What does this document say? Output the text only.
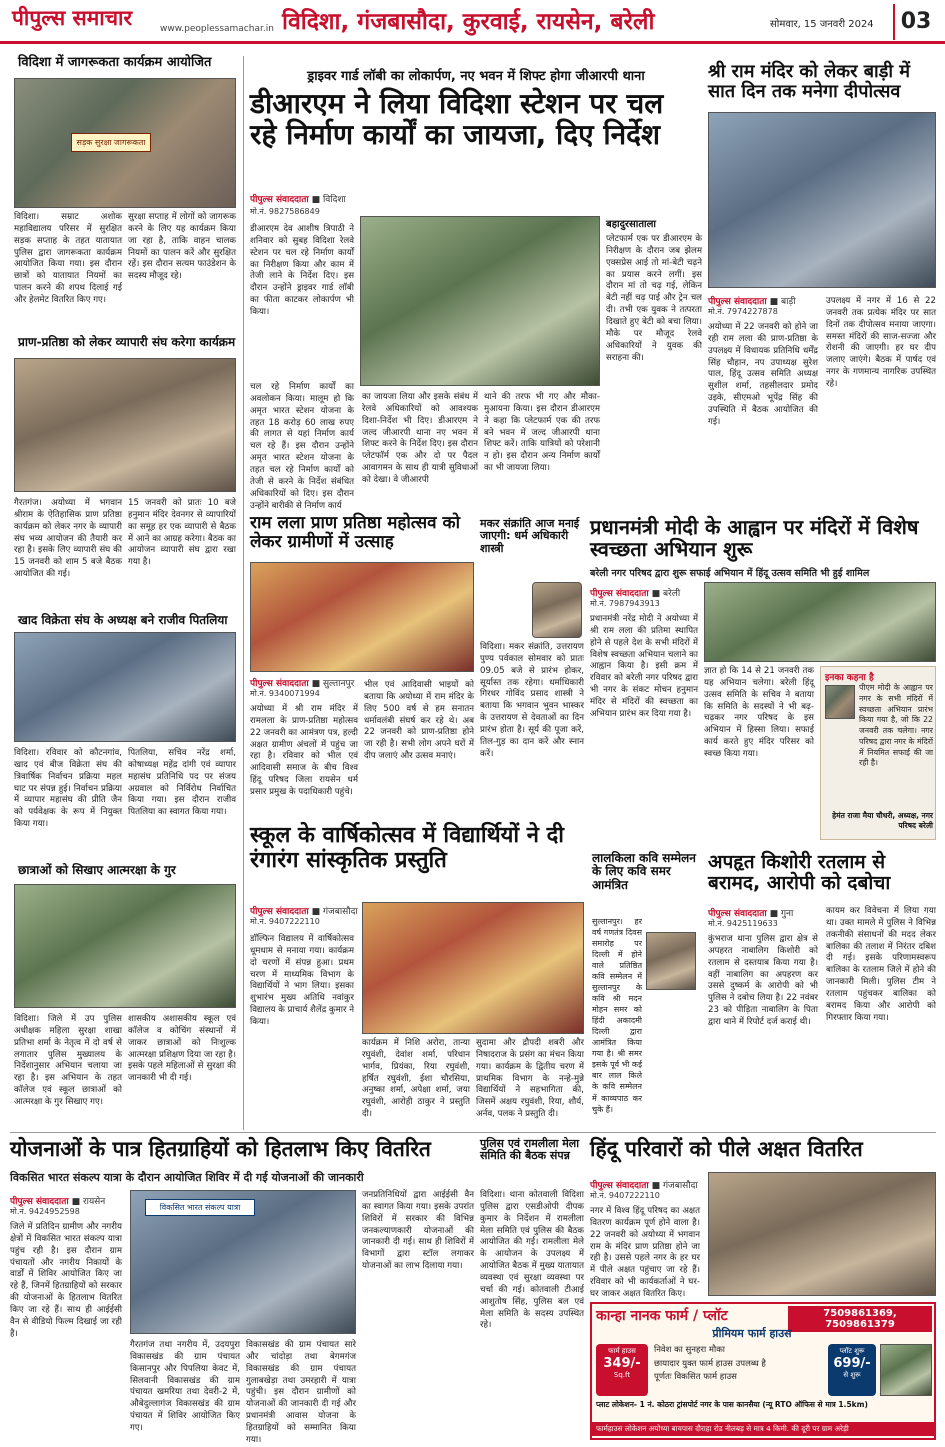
पीपुल्स समाचार	www.peoplessamachar.in विदिशा, गंजबासौदा, कुरवाई, रायसेन, बरेली	सोमवार, 15 जनवरी 2024	03
विदिशा में जागरूकता कार्यक्रम आयोजित
सड़क सुरक्षा जागरूकता
विदिशा। सम्राट अशोक महाविद्यालय परिसर में सुरक्षित सड़क सप्ताह के तहत यातायात पुलिस द्वारा जागरूकता कार्यक्रम आयोजित किया गया। इस दौरान छात्रों को यातायात नियमों का पालन करने की शपथ दिलाई गई और हेलमेट वितरित किए गए।
सुरक्षा सप्ताह में लोगों को जागरूक करने के लिए यह कार्यक्रम किया जा रहा है, ताकि वाहन चालक नियमों का पालन करें और सुरक्षित रहें। इस दौरान सत्यम फाउंडेशन के सदस्य मौजूद रहे।
प्राण-प्रतिष्ठा को लेकर व्यापारी संघ करेगा कार्यक्रम
गैरतगंज। अयोध्या में भगवान श्रीराम के ऐतिहासिक प्राण प्रतिष्ठा कार्यक्रम को लेकर नगर के व्यापारी संघ भव्य आयोजन की तैयारी कर रहा है। इसके लिए व्यापारी संघ की 15 जनवरी को शाम 5 बजे बैठक आयोजित की गई।
15 जनवरी को प्रातः 10 बजे हनुमान मंदिर देवनगर से व्यापारियों का समूह हर एक व्यापारी से बैठक में आने का आग्रह करेगा। बैठक का आयोजन व्यापारी संघ द्वारा रखा गया है।
खाद विक्रेता संघ के अध्यक्ष बने राजीव पितलिया
विदिशा। रविवार को कौटनगांव, खाद एवं बीज विक्रेता संघ की त्रिवार्षिक निर्वाचन प्रक्रिया महल घाट पर संपन्न हुई। निर्वाचन प्रक्रिया में व्यापार महासंघ की प्रीति जैन को पर्यवेक्षक के रूप में नियुक्त किया गया।
पितलिया, सचिव नरेंद्र शर्मा, कोषाध्यक्ष महेंद्र दांगी एवं व्यापार महासंघ प्रतिनिधि पद पर संजय अग्रवाल को निर्विरोध निर्वाचित किया गया। इस दौरान राजीव पितलिया का स्वागत किया गया।
छात्राओं को सिखाए आत्मरक्षा के गुर
विदिशा। जिले में उप पुलिस अधीक्षक महिला सुरक्षा शाखा प्रतिभा शर्मा के नेतृत्व में दो वर्ष से लगातार पुलिस मुख्यालय के निर्देशानुसार अभियान चलाया जा रहा है। इस अभियान के तहत कॉलेज एवं स्कूल छात्राओं को आत्मरक्षा के गुर सिखाए गए।
शासकीय अशासकीय स्कूल एवं कॉलेज व कोचिंग संस्थानों में जाकर छात्राओं को निःशुल्क आत्मरक्षा प्रशिक्षण दिया जा रहा है। इसके पहले महिलाओं से सुरक्षा की जानकारी भी दी गई।
ड्राइवर गार्ड लॉबी का लोकार्पण, नए भवन में शिफ्ट होगा जीआरपी थाना
डीआरएम ने लिया विदिशा स्टेशन पर चल रहे निर्माण कार्यों का जायजा, दिए निर्देश
पीपुल्स संवाददाता ■ विदिशा
मो.नं. 9827586849
डीआरएम देव आशीष त्रिपाठी ने शनिवार को सुबह विदिशा रेलवे स्टेशन पर चल रहे निर्माण कार्यों का निरीक्षण किया और काम में तेजी लाने के निर्देश दिए। इस दौरान उन्होंने ड्राइवर गार्ड लॉबी का फीता काटकर लोकार्पण भी किया।
चल रहे निर्माण कार्यों का अवलोकन किया। मालूम हो कि अमृत भारत स्टेशन योजना के तहत 18 करोड़ 60 लाख रुपए की लागत से यहां निर्माण कार्य चल रहे हैं। इस दौरान उन्होंने अमृत भारत स्टेशन योजना के तहत चल रहे निर्माण कार्यों को तेजी से करने के निर्देश संबंधित अधिकारियों को दिए। इस दौरान उन्होंने बारीकी से निर्माण कार्य
का जायजा लिया और इसके संबंध में रेलवे अधिकारियों को आवश्यक दिशा-निर्देश भी दिए। डीआरएम ने जल्द जीआरपी थाना नए भवन में शिफ्ट करने के निर्देश दिए। इस दौरान प्लेटफॉर्म एक और दो पर पैदल आवागमन के साथ ही यात्री सुविधाओं को देखा। वे जीआरपी
थाने की तरफ भी गए और मौका-मुआयना किया। इस दौरान डीआरएम ने कहा कि प्लेटफार्म एक की तरफ बने भवन में जल्द जीआरपी थाना शिफ्ट करें। ताकि यात्रियों को परेशानी न हो। इस दौरान अन्य निर्माण कार्यों का भी जायजा लिया।
बहादुरसाताला
प्लेटफार्म एक पर डीआरएम के निरीक्षण के दौरान जब झेलम एक्सप्रेस आई तो मां-बेटी चढ़ने का प्रयास करने लगीं। इस दौरान मां तो चढ़ गई, लेकिन बेटी नहीं चढ़ पाई और ट्रेन चल दी। तभी एक युवक ने तत्परता दिखाते हुए बेटी को बचा लिया। मौके पर मौजूद रेलवे अधिकारियों ने युवक की सराहना की।
श्री राम मंदिर को लेकर बाड़ी में सात दिन तक मनेगा दीपोत्सव
पीपुल्स संवाददाता ■ बाड़ी
मो.नं. 7974227878
अयोध्या में 22 जनवरी को होने जा रही राम लला की प्राण-प्रतिष्ठा के उपलक्ष्य में विधायक प्रतिनिधि धर्मेंद्र सिंह चौहान, नप उपाध्यक्ष सुरेश पाल, हिंदू उत्सव समिति अध्यक्ष सुशील शर्मा, तहसीलदार प्रमोद उइके, सीएमओ भूपेंद्र सिंह की उपस्थिति में बैठक आयोजित की गई।
उपलक्ष्य में नगर में 16 से 22 जनवरी तक प्रत्येक मंदिर पर सात दिनों तक दीपोत्सव मनाया जाएगा। समस्त मंदिरों की साज-सज्जा और रोशनी की जाएगी। हर घर दीप जलाए जाएंगे। बैठक में पार्षद एवं नगर के गणमान्य नागरिक उपस्थित रहे।
राम लला प्राण प्रतिष्ठा महोत्सव को लेकर ग्रामीणों में उत्साह
पीपुल्स संवाददाता ■ सुल्तानपुर
मो.नं. 9340071994
अयोध्या में श्री राम मंदिर में रामलला के प्राण-प्रतिष्ठा महोत्सव 22 जनवरी का आमंत्रण पत्र, हल्दी अक्षत ग्रामीण अंचलों में पहुंच जा रहा है। रविवार को भील एवं आदिवासी समाज के बीच विश्व हिंदू परिषद जिला रायसेन धर्म प्रसार प्रमुख के पदाधिकारी पहुंचे।
भील एवं आदिवासी भाइयों को बताया कि अयोध्या में राम मंदिर के लिए 500 वर्ष से हम सनातन धर्मावलंबी संघर्ष कर रहे थे। अब 22 जनवरी को प्राण-प्रतिष्ठा होने जा रही है। सभी लोग अपने घरों में दीप जलाएं और उत्सव मनाएं।
मकर संक्रांति आज मनाई जाएगी: धर्म अधिकारी शास्त्री
विदिशा। मकर संक्रांति, उत्तरायण पुण्य पर्वकाल सोमवार को प्रातः 09.05 बजे से प्रारंभ होकर, सूर्यास्त तक रहेगा। धर्माधिकारी गिरधर गोविंद प्रसाद शास्त्री ने बताया कि भगवान भुवन भास्कर के उत्तरायण से देवताओं का दिन प्रारंभ होता है। सूर्य की पूजा करें, तिल-गुड़ का दान करें और स्नान करें।
प्रधानमंत्री मोदी के आह्वान पर मंदिरों में विशेष स्वच्छता अभियान शुरू
बरेली नगर परिषद द्वारा शुरू सफाई अभियान में हिंदू उत्सव समिति भी हुई शामिल
पीपुल्स संवाददाता ■ बरेली
मो.नं. 7987943913
प्रधानमंत्री नरेंद्र मोदी ने अयोध्या में श्री राम लला की प्रतिमा स्थापित होने से पहले देश के सभी मंदिरों में विशेष स्वच्छता अभियान चलाने का आह्वान किया है। इसी क्रम में रविवार को बरेली नगर परिषद द्वारा भी नगर के संकट मोचन हनुमान मंदिर से मंदिरों की स्वच्छता का अभियान प्रारंभ कर दिया गया है।
ज्ञात हो कि 14 से 21 जनवरी तक यह अभियान चलेगा। बरेली हिंदू उत्सव समिति के सचिव ने बताया कि समिति के सदस्यों ने भी बढ़-चढ़कर नगर परिषद के इस अभियान में हिस्सा लिया। सफाई कार्य करते हुए मंदिर परिसर को स्वच्छ किया गया।
इनका कहना है
पीएम मोदी के आह्वान पर नगर के सभी मंदिरों में स्वच्छता अभियान प्रारंभ किया गया है, जो कि 22 जनवरी तक चलेगा। नगर परिषद द्वारा नगर के मंदिरों में नियमित सफाई की जा रही है।
हेमंत राजा मैया चौधरी, अध्यक्ष, नगर परिषद बरेली
स्कूल के वार्षिकोत्सव में विद्यार्थियों ने दी रंगारंग सांस्कृतिक प्रस्तुति
पीपुल्स संवाददाता ■ गंजबासौदा
मो.नं. 9407222110
डॉल्फिन विद्यालय में वार्षिकोत्सव धूमधाम से मनाया गया। कार्यक्रम दो चरणों में संपन्न हुआ। प्रथम चरण में माध्यमिक विभाग के विद्यार्थियों ने भाग लिया। इसका शुभारंभ मुख्य अतिथि नवांकुर विद्यालय के प्राचार्य शैलेंद्र कुमार ने किया।
कार्यक्रम में निशि अरोरा, तान्या रघुवंशी, देवांश शर्मा, परिधान भार्गव, प्रियंका, रिया रघुवंशी, हर्षित रघुवंशी, ईशा चौरसिया, अनुष्का शर्मा, अपेक्षा शर्मा, जया रघुवंशी, आरोही ठाकुर ने प्रस्तुति दी।
सुदामा और द्रौपदी शबरी और निषादराज के प्रसंग का मंचन किया गया। कार्यक्रम के द्वितीय चरण में प्राथमिक विभाग के नन्हे-मुन्ने विद्यार्थियों ने सहभागिता की, जिसमें अक्षय रघुवंशी, रिया, शौर्य, अर्नव, पलक ने प्रस्तुति दी।
लालकिला कवि सम्मेलन के लिए कवि समर आमंत्रित
सुल्तानपुर। हर वर्ष गणतंत्र दिवस समारोह पर दिल्ली में होने वाले प्रतिष्ठित कवि सम्मेलन में सुल्तानपुर के कवि श्री मदन मोहन समर को हिंदी अकादमी दिल्ली द्वारा आमंत्रित किया गया है। श्री समर इसके पूर्व भी कई बार लाल किले के कवि सम्मेलन में काव्यपाठ कर चुके हैं।
अपहृत किशोरी रतलाम से बरामद, आरोपी को दबोचा
पीपुल्स संवाददाता ■ गुना
मो.नं. 9425119633
कुंभराज थाना पुलिस द्वारा क्षेत्र से अपहरत नाबालिग किशोरी को रतलाम से दस्तयाब किया गया है। वहीं नाबालिग का अपहरण कर उससे दुष्कर्म के आरोपी को भी पुलिस ने दबोच लिया है। 22 नवंबर 23 को पीड़िता नाबालिग के पिता द्वारा थाने में रिपोर्ट दर्ज कराई थी।
कायम कर विवेचना में लिया गया था। उक्त मामले में पुलिस ने विभिन्न तकनीकी संसाधनों की मदद लेकर बालिका की तलाश में निरंतर दबिश दी गई। इसके परिणामस्वरूप बालिका के रतलाम जिले में होने की जानकारी मिली। पुलिस टीम ने रतलाम पहुंचकर बालिका को बरामद किया और आरोपी को गिरफ्तार किया गया।
योजनाओं के पात्र हितग्राहियों को हितलाभ किए वितरित
विकसित भारत संकल्प यात्रा के दौरान आयोजित शिविर में दी गई योजनाओं की जानकारी
पीपुल्स संवाददाता ■ रायसेन
मो.नं. 9424952598
जिले में प्रतिदिन ग्रामीण और नगरीय क्षेत्रों में विकसित भारत संकल्प यात्रा पहुंच रही है। इस दौरान ग्राम पंचायतों और नगरीय निकायों के वार्डों में शिविर आयोजित किए जा रहे हैं, जिनमें हितग्राहियों को सरकार की योजनाओं के हितलाभ वितरित किए जा रहे हैं। साथ ही आईईसी वैन से वीडियो फिल्म दिखाई जा रही है।
विकसित भारत संकल्प यात्रा
गैरतगंज तथा नगरीय में, उदयपुरा विकासखंड की ग्राम पंचायत किसानपुर और पिपलिया केवट में, सिलवानी विकासखंड की ग्राम पंचायत खमरिया तथा देवरी-2 में, औबेदुल्लागंज विकासखंड की ग्राम पंचायत में शिविर आयोजित किए गए।
विकासखंड की ग्राम पंचायत सारे और चांदोड़ा तथा बेगमगंज विकासखंड की ग्राम पंचायत गुलाबखेड़ा तथा उमरहारी में यात्रा पहुंची। इस दौरान ग्रामीणों को योजनाओं की जानकारी दी गई और प्रधानमंत्री आवास योजना के हितग्राहियों को सम्मानित किया गया।
जनप्रतिनिधियों द्वारा आईईसी वैन का स्वागत किया गया। इसके उपरांत शिविरों में सरकार की विभिन्न जनकल्याणकारी योजनाओं की जानकारी दी गई। साथ ही शिविरों में विभागों द्वारा स्टॉल लगाकर योजनाओं का लाभ दिलाया गया।
पुलिस एवं रामलीला मेला समिति की बैठक संपन्न
विदिशा। थाना कोतवाली विदिशा पुलिस द्वारा एसडीओपी दीपक कुमार के निर्देशन में रामलीला मेला समिति एवं पुलिस की बैठक आयोजित की गई। रामलीला मेले के आयोजन के उपलक्ष्य में आयोजित बैठक में मुख्य यातायात व्यवस्था एवं सुरक्षा व्यवस्था पर चर्चा की गई। कोतवाली टीआई आशुतोष सिंह, पुलिस बल एवं मेला समिति के सदस्य उपस्थित रहे।
हिंदू परिवारों को पीले अक्षत वितरित
पीपुल्स संवाददाता ■ गंजबासौदा
मो.नं. 9407222110
नगर में विश्व हिंदू परिषद का अक्षत वितरण कार्यक्रम पूर्ण होने वाला है। 22 जनवरी को अयोध्या में भगवान राम के मंदिर प्राण प्रतिष्ठा होने जा रही है। उससे पहले नगर के हर घर में पीले अक्षत पहुंचाए जा रहे हैं। रविवार को भी कार्यकर्ताओं ने घर-घर जाकर अक्षत वितरित किए।
कान्हा नानक फार्म / प्लॉट	7509861369, 7509861379
प्रीमियम फार्म हाउस
फार्म हाउस
349/-
Sq.ft
निवेश का सुनहरा मौका
छायादार युक्त फार्म हाउस उपलब्ध है
पूर्णतः विकसित फार्म हाउस
प्लॉट शुरू
699/-
से शुरू
प्लाट लोकेशन- 1 नं. कोठरा ट्रांसपोर्ट नगर के पास कानसैया (न्यू RTO ऑफिस से मात्र 1.5km)
फार्महाउस लोकेशन अयोध्या बायपास दौराहा रोड नीलबड़ से मात्र 4 किमी. की दूरी पर ग्राम अरेड़ी
